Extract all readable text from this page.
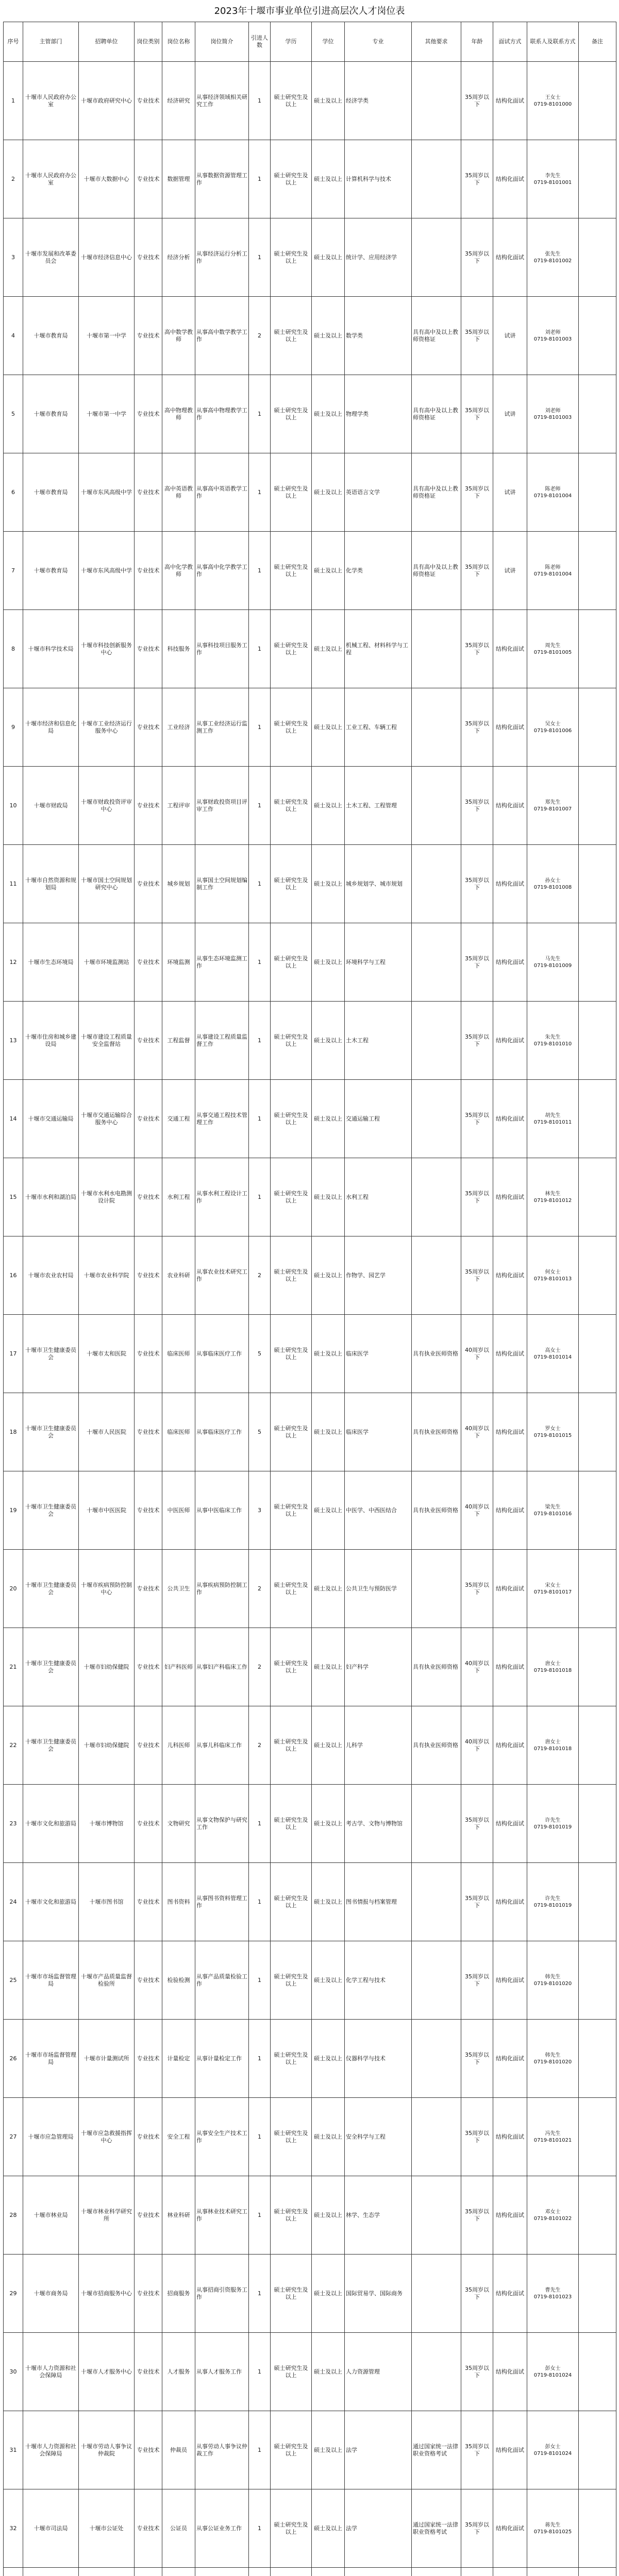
2023年十堰市事业单位引进高层次人才岗位表
序号	主管部门	招聘单位	岗位类别	岗位名称	岗位简介	引进人数	学历	学位	专业	其他要求	年龄	面试方式	联系人及联系方式	备注
1	十堰市人民政府办公室	十堰市政府研究中心	专业技术	经济研究	从事经济领域相关研究工作	1	硕士研究生及以上	硕士及以上	经济学类		35周岁以下	结构化面试	王女士
0719-8101000	

2	十堰市人民政府办公室	十堰市大数据中心	专业技术	数据管理	从事数据资源管理工作	1	硕士研究生及以上	硕士及以上	计算机科学与技术		35周岁以下	结构化面试	李先生
0719-8101001	

3	十堰市发展和改革委员会	十堰市经济信息中心	专业技术	经济分析	从事经济运行分析工作	1	硕士研究生及以上	硕士及以上	统计学、应用经济学		35周岁以下	结构化面试	张先生
0719-8101002	

4	十堰市教育局	十堰市第一中学	专业技术	高中数学教师	从事高中数学教学工作	2	硕士研究生及以上	硕士及以上	数学类	具有高中及以上教师资格证	35周岁以下	试讲	刘老师
0719-8101003	

5	十堰市教育局	十堰市第一中学	专业技术	高中物理教师	从事高中物理教学工作	1	硕士研究生及以上	硕士及以上	物理学类	具有高中及以上教师资格证	35周岁以下	试讲	刘老师
0719-8101003	

6	十堰市教育局	十堰市东风高级中学	专业技术	高中英语教师	从事高中英语教学工作	1	硕士研究生及以上	硕士及以上	英语语言文学	具有高中及以上教师资格证	35周岁以下	试讲	陈老师
0719-8101004	

7	十堰市教育局	十堰市东风高级中学	专业技术	高中化学教师	从事高中化学教学工作	1	硕士研究生及以上	硕士及以上	化学类	具有高中及以上教师资格证	35周岁以下	试讲	陈老师
0719-8101004	

8	十堰市科学技术局	十堰市科技创新服务中心	专业技术	科技服务	从事科技项目服务工作	1	硕士研究生及以上	硕士及以上	机械工程、材料科学与工程		35周岁以下	结构化面试	周先生
0719-8101005	

9	十堰市经济和信息化局	十堰市工业经济运行服务中心	专业技术	工业经济	从事工业经济运行监测工作	1	硕士研究生及以上	硕士及以上	工业工程、车辆工程		35周岁以下	结构化面试	吴女士
0719-8101006	

10	十堰市财政局	十堰市财政投资评审中心	专业技术	工程评审	从事财政投资项目评审工作	1	硕士研究生及以上	硕士及以上	土木工程、工程管理		35周岁以下	结构化面试	郑先生
0719-8101007	

11	十堰市自然资源和规划局	十堰市国土空间规划研究中心	专业技术	城乡规划	从事国土空间规划编制工作	1	硕士研究生及以上	硕士及以上	城乡规划学、城市规划		35周岁以下	结构化面试	孙女士
0719-8101008	

12	十堰市生态环境局	十堰市环境监测站	专业技术	环境监测	从事生态环境监测工作	1	硕士研究生及以上	硕士及以上	环境科学与工程		35周岁以下	结构化面试	马先生
0719-8101009	

13	十堰市住房和城乡建设局	十堰市建设工程质量安全监督站	专业技术	工程监督	从事建设工程质量监督工作	1	硕士研究生及以上	硕士及以上	土木工程		35周岁以下	结构化面试	朱先生
0719-8101010	

14	十堰市交通运输局	十堰市交通运输综合服务中心	专业技术	交通工程	从事交通工程技术管理工作	1	硕士研究生及以上	硕士及以上	交通运输工程		35周岁以下	结构化面试	胡先生
0719-8101011	

15	十堰市水利和湖泊局	十堰市水利水电勘测设计院	专业技术	水利工程	从事水利工程设计工作	1	硕士研究生及以上	硕士及以上	水利工程		35周岁以下	结构化面试	林先生
0719-8101012	

16	十堰市农业农村局	十堰市农业科学院	专业技术	农业科研	从事农业技术研究工作	2	硕士研究生及以上	硕士及以上	作物学、园艺学		35周岁以下	结构化面试	何女士
0719-8101013	

17	十堰市卫生健康委员会	十堰市太和医院	专业技术	临床医师	从事临床医疗工作	5	硕士研究生及以上	硕士及以上	临床医学	具有执业医师资格	40周岁以下	结构化面试	高女士
0719-8101014	

18	十堰市卫生健康委员会	十堰市人民医院	专业技术	临床医师	从事临床医疗工作	5	硕士研究生及以上	硕士及以上	临床医学	具有执业医师资格	40周岁以下	结构化面试	罗女士
0719-8101015	

19	十堰市卫生健康委员会	十堰市中医医院	专业技术	中医医师	从事中医临床工作	3	硕士研究生及以上	硕士及以上	中医学、中西医结合	具有执业医师资格	40周岁以下	结构化面试	梁先生
0719-8101016	

20	十堰市卫生健康委员会	十堰市疾病预防控制中心	专业技术	公共卫生	从事疾病预防控制工作	2	硕士研究生及以上	硕士及以上	公共卫生与预防医学		35周岁以下	结构化面试	宋女士
0719-8101017	

21	十堰市卫生健康委员会	十堰市妇幼保健院	专业技术	妇产科医师	从事妇产科临床工作	2	硕士研究生及以上	硕士及以上	妇产科学	具有执业医师资格	40周岁以下	结构化面试	唐女士
0719-8101018	

22	十堰市卫生健康委员会	十堰市妇幼保健院	专业技术	儿科医师	从事儿科临床工作	2	硕士研究生及以上	硕士及以上	儿科学	具有执业医师资格	40周岁以下	结构化面试	唐女士
0719-8101018	

23	十堰市文化和旅游局	十堰市博物馆	专业技术	文物研究	从事文物保护与研究工作	1	硕士研究生及以上	硕士及以上	考古学、文物与博物馆		35周岁以下	结构化面试	许先生
0719-8101019	

24	十堰市文化和旅游局	十堰市图书馆	专业技术	图书资料	从事图书资料管理工作	1	硕士研究生及以上	硕士及以上	图书情报与档案管理		35周岁以下	结构化面试	许先生
0719-8101019	

25	十堰市市场监督管理局	十堰市产品质量监督检验所	专业技术	检验检测	从事产品质量检验工作	1	硕士研究生及以上	硕士及以上	化学工程与技术		35周岁以下	结构化面试	韩先生
0719-8101020	

26	十堰市市场监督管理局	十堰市计量测试所	专业技术	计量检定	从事计量检定工作	1	硕士研究生及以上	硕士及以上	仪器科学与技术		35周岁以下	结构化面试	韩先生
0719-8101020	

27	十堰市应急管理局	十堰市应急救援指挥中心	专业技术	安全工程	从事安全生产技术工作	1	硕士研究生及以上	硕士及以上	安全科学与工程		35周岁以下	结构化面试	冯先生
0719-8101021	

28	十堰市林业局	十堰市林业科学研究所	专业技术	林业科研	从事林业技术研究工作	1	硕士研究生及以上	硕士及以上	林学、生态学		35周岁以下	结构化面试	邓女士
0719-8101022	

29	十堰市商务局	十堰市招商服务中心	专业技术	招商服务	从事招商引资服务工作	1	硕士研究生及以上	硕士及以上	国际贸易学、国际商务		35周岁以下	结构化面试	曹先生
0719-8101023	

30	十堰市人力资源和社会保障局	十堰市人才服务中心	专业技术	人才服务	从事人才服务工作	1	硕士研究生及以上	硕士及以上	人力资源管理		35周岁以下	结构化面试	彭女士
0719-8101024	

31	十堰市人力资源和社会保障局	十堰市劳动人事争议仲裁院	专业技术	仲裁员	从事劳动人事争议仲裁工作	1	硕士研究生及以上	硕士及以上	法学	通过国家统一法律职业资格考试	35周岁以下	结构化面试	彭女士
0719-8101024	

32	十堰市司法局	十堰市公证处	专业技术	公证员	从事公证业务工作	1	硕士研究生及以上	硕士及以上	法学	通过国家统一法律职业资格考试	35周岁以下	结构化面试	蒋先生
0719-8101025	
